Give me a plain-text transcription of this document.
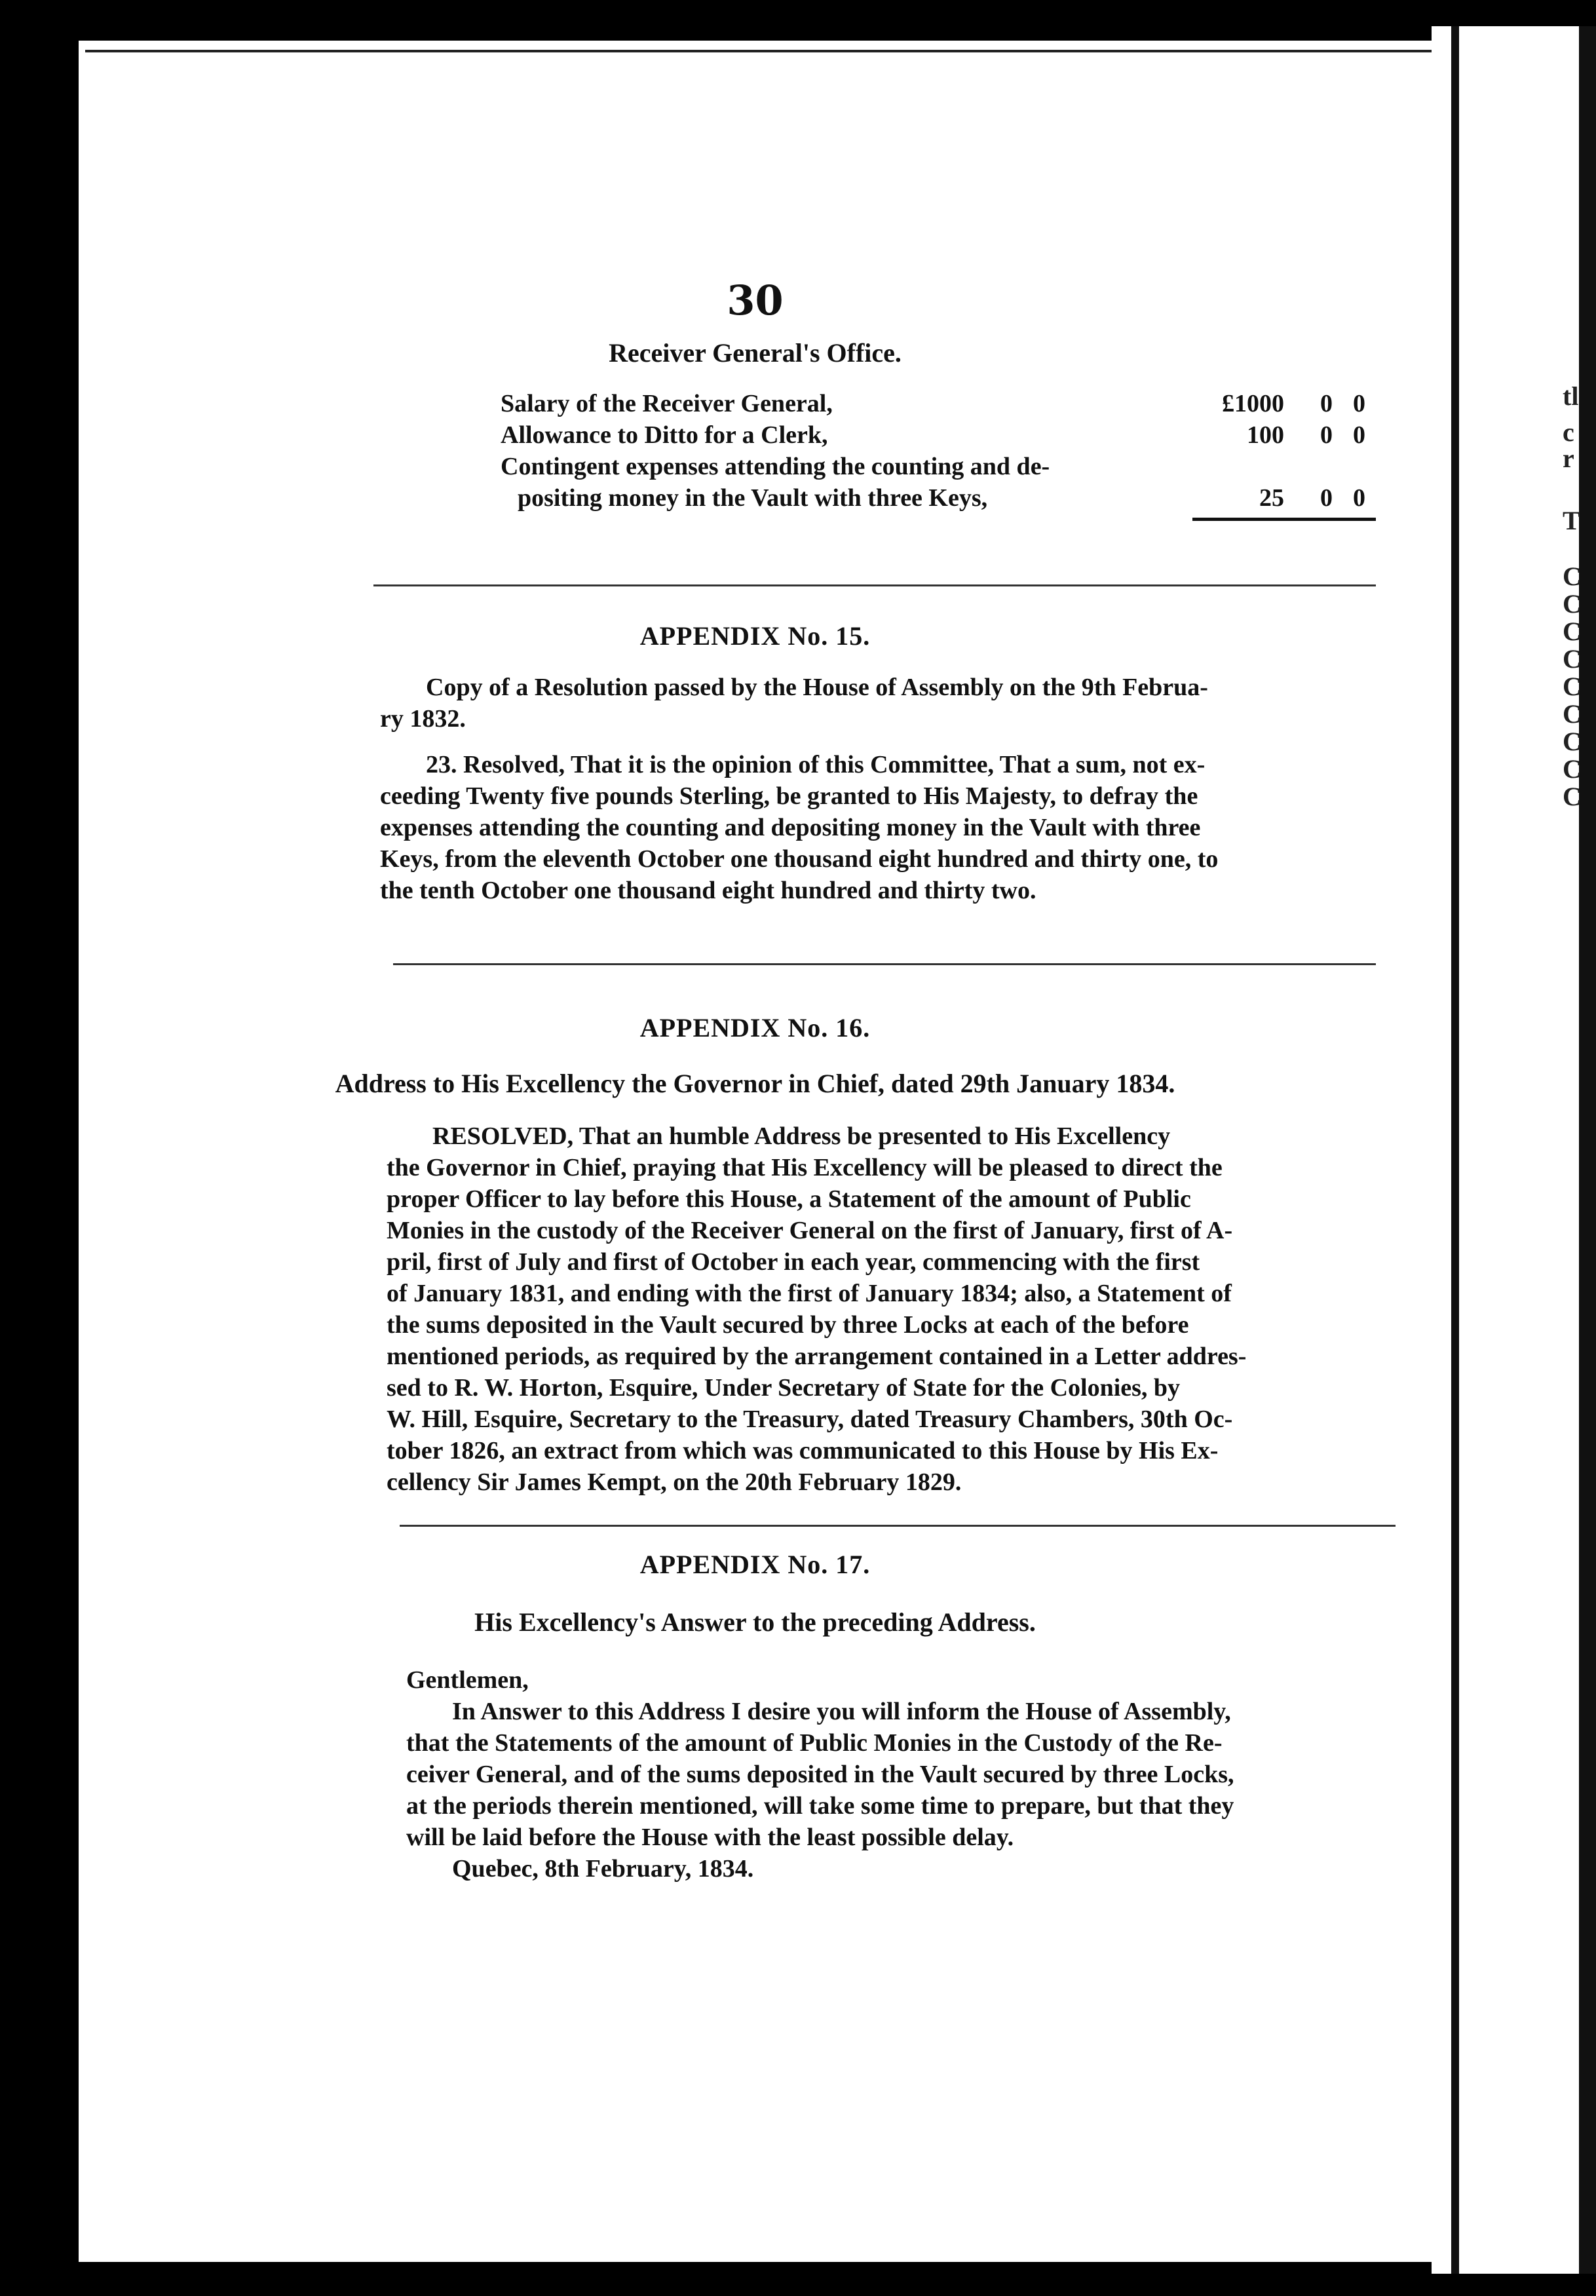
30
Receiver General's Office.
Salary of the Receiver General,	£1000 0 0
Allowance to Ditto for a Clerk,	100 0 0
Contingent expenses attending the counting and de-
positing money in the Vault with three Keys,	25 0 0
APPENDIX No. 15.
Copy of a Resolution passed by the House of Assembly on the 9th Februa-
ry 1832.
23. Resolved, That it is the opinion of this Committee, That a sum, not ex-
ceeding Twenty five pounds Sterling, be granted to His Majesty, to defray the
expenses attending the counting and depositing money in the Vault with three
Keys, from the eleventh October one thousand eight hundred and thirty one, to
the tenth October one thousand eight hundred and thirty two.
APPENDIX No. 16.
Address to His Excellency the Governor in Chief, dated 29th January 1834.
RESOLVED, That an humble Address be presented to His Excellency
the Governor in Chief, praying that His Excellency will be pleased to direct the
proper Officer to lay before this House, a Statement of the amount of Public
Monies in the custody of the Receiver General on the first of January, first of A-
pril, first of July and first of October in each year, commencing with the first
of January 1831, and ending with the first of January 1834; also, a Statement of
the sums deposited in the Vault secured by three Locks at each of the before
mentioned periods, as required by the arrangement contained in a Letter addres-
sed to R. W. Horton, Esquire, Under Secretary of State for the Colonies, by
W. Hill, Esquire, Secretary to the Treasury, dated Treasury Chambers, 30th Oc-
tober 1826, an extract from which was communicated to this House by His Ex-
cellency Sir James Kempt, on the 20th February 1829.
APPENDIX No. 17.
His Excellency's Answer to the preceding Address.
Gentlemen,
In Answer to this Address I desire you will inform the House of Assembly,
that the Statements of the amount of Public Monies in the Custody of the Re-
ceiver General, and of the sums deposited in the Vault secured by three Locks,
at the periods therein mentioned, will take some time to prepare, but that they
will be laid before the House with the least possible delay.
Quebec, 8th February, 1834.
tl
c
r
T
C
C
C
C
C
C
C
C
C
